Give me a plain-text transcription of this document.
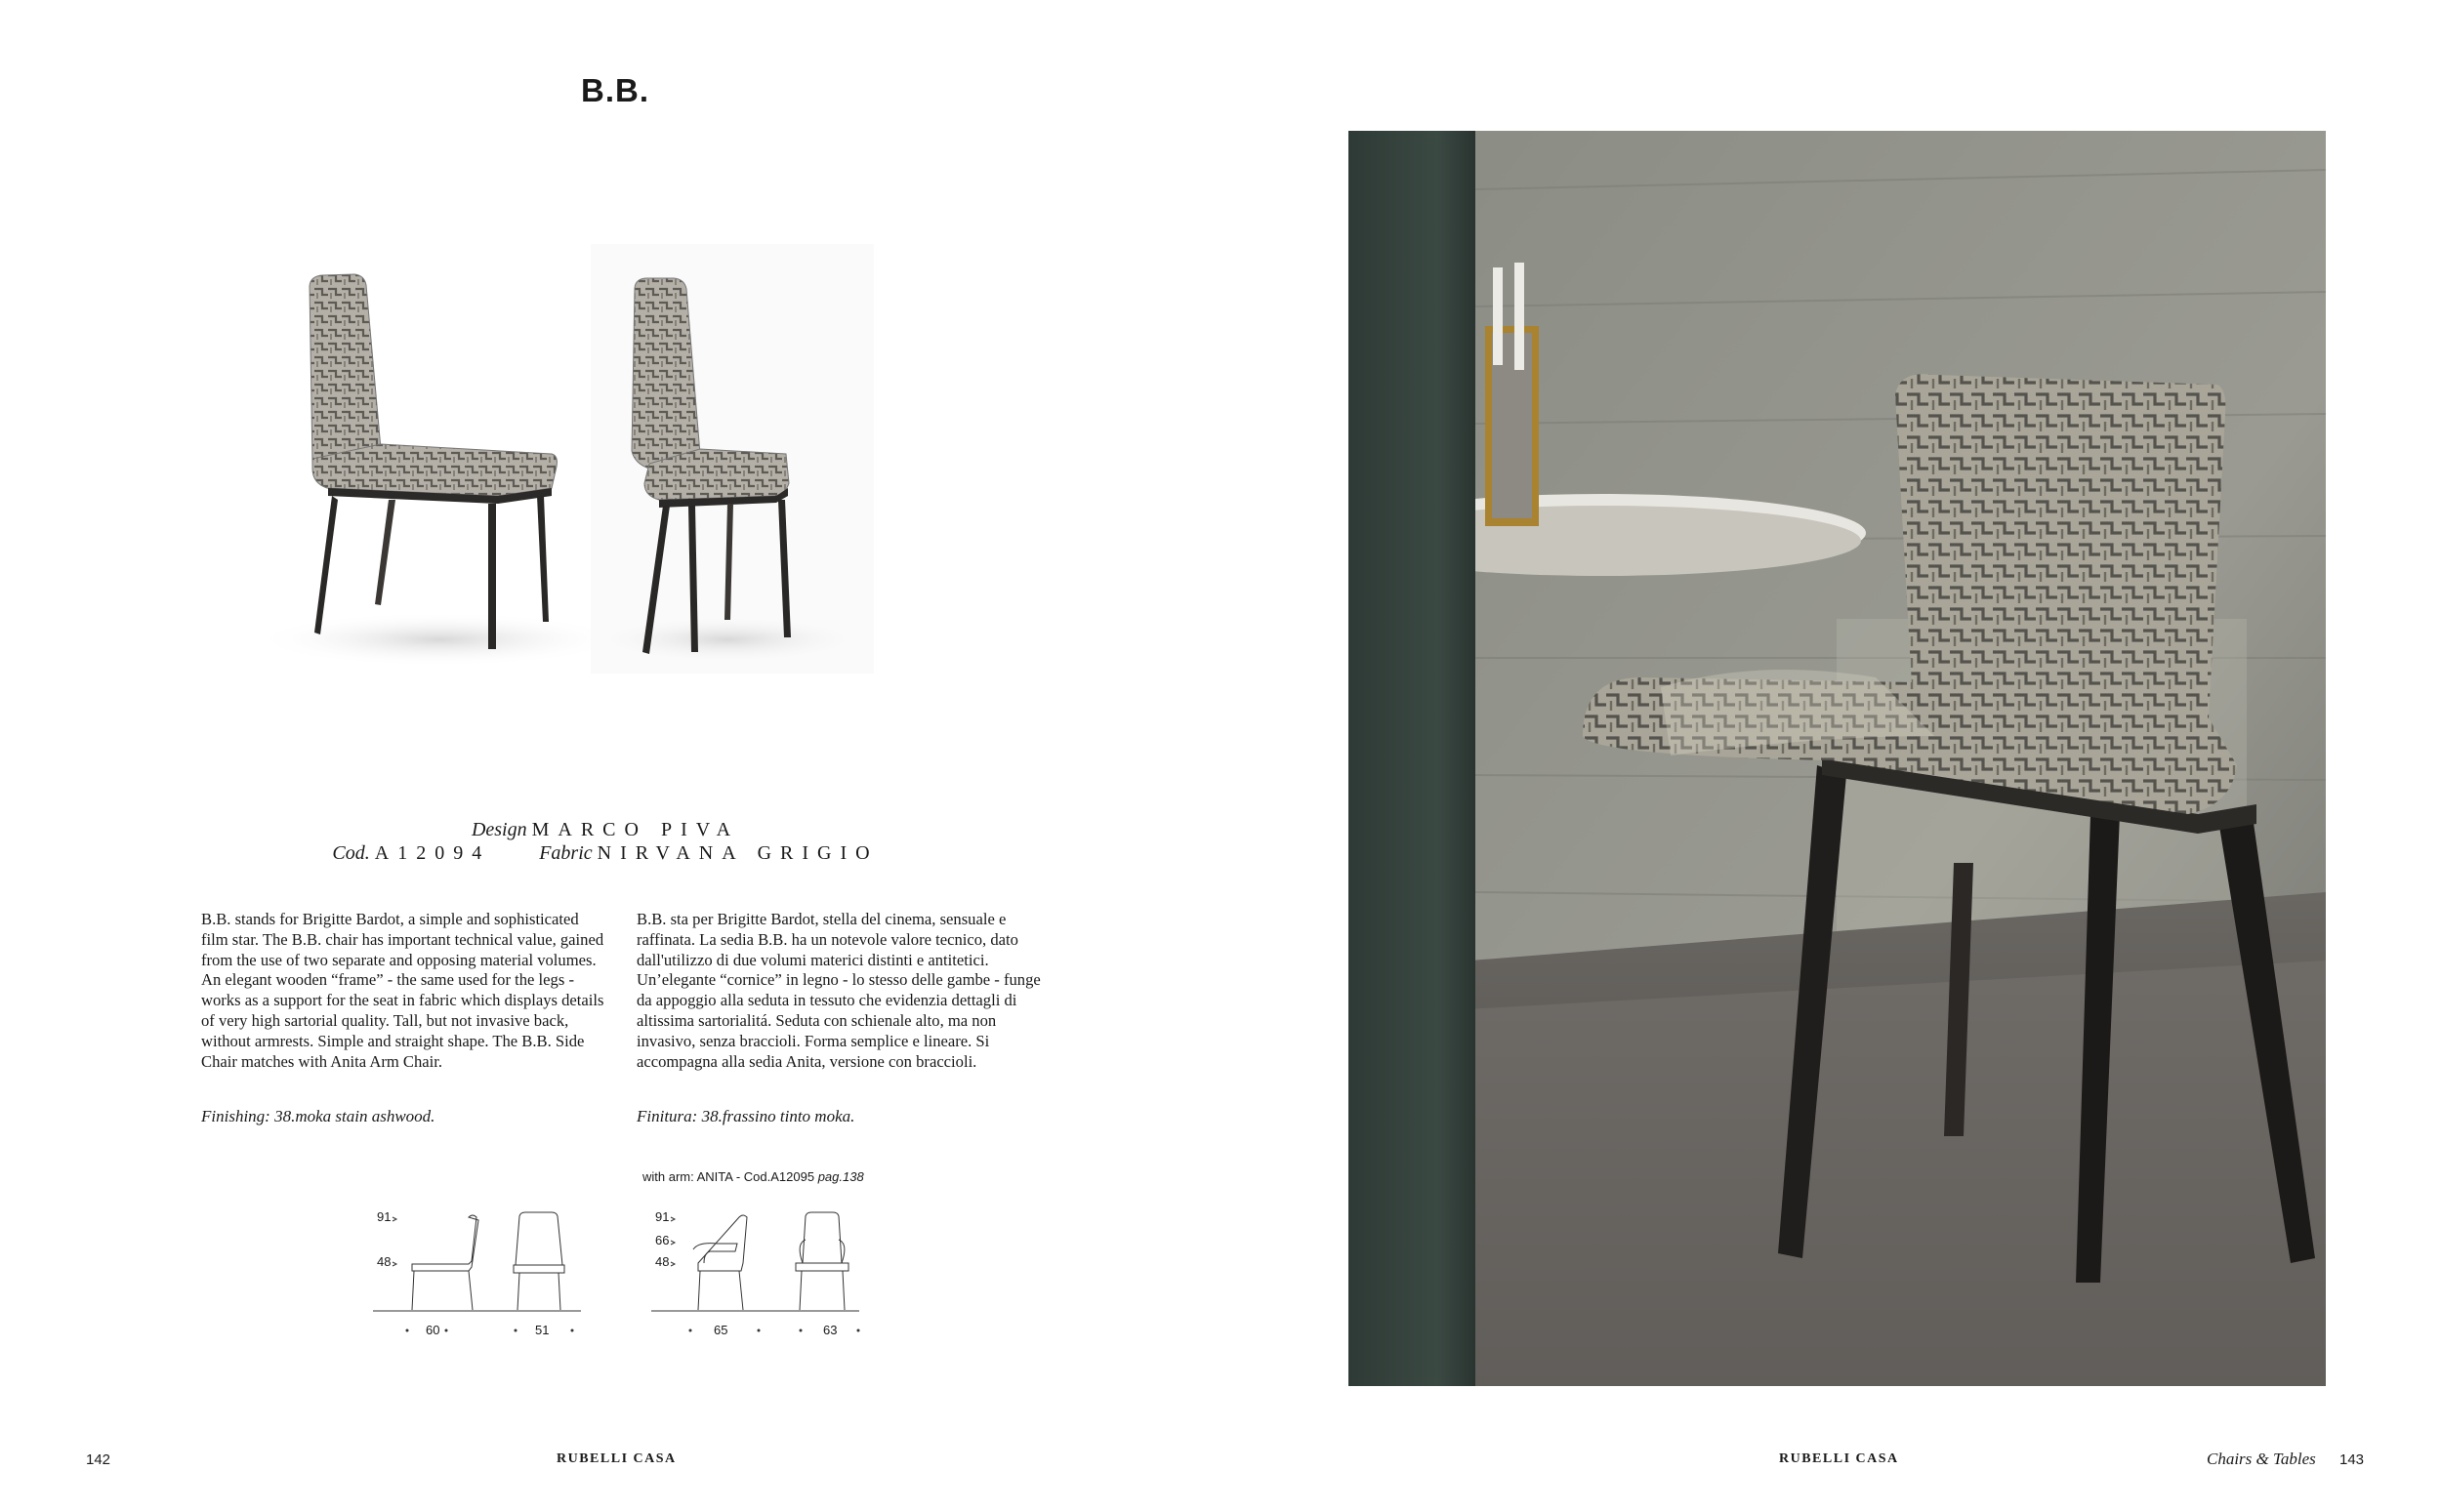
B.B.
Design MARCO PIVA
Cod. A12094	Fabric NIRVANA GRIGIO
B.B. stands for Brigitte Bardot, a simple and sophisticated film star. The B.B. chair has important technical value, gained from the use of two separate and opposing material volumes. An elegant wooden “frame” - the same used for the legs - works as a support for the seat in fabric which displays details of very high sartorial quality. Tall, but not invasive back, without armrests. Simple and straight shape. The B.B. Side Chair matches with Anita Arm Chair.
B.B. sta per Brigitte Bardot, stella del cinema, sensuale e raffinata. La sedia B.B. ha un notevole valore tecnico, dato dall'utilizzo di due volumi materici distinti e antitetici. Un’elegante “cornice” in legno - lo stesso delle gambe - funge da appoggio alla seduta in tessuto che evidenzia dettagli di altissima sartorialitá. Seduta con schienale alto, ma non invasivo, senza braccioli. Forma semplice e lineare. Si accompagna alla sedia Anita, versione con braccioli.
Finishing: 38.moka stain ashwood.	Finitura: 38.frassino tinto moka.
with arm: ANITA - Cod.A12095 pag.138
91
48
60	51
91
66
48
65	63
142	RUBELLI CASA	RUBELLI CASA	Chairs & Tables 143
